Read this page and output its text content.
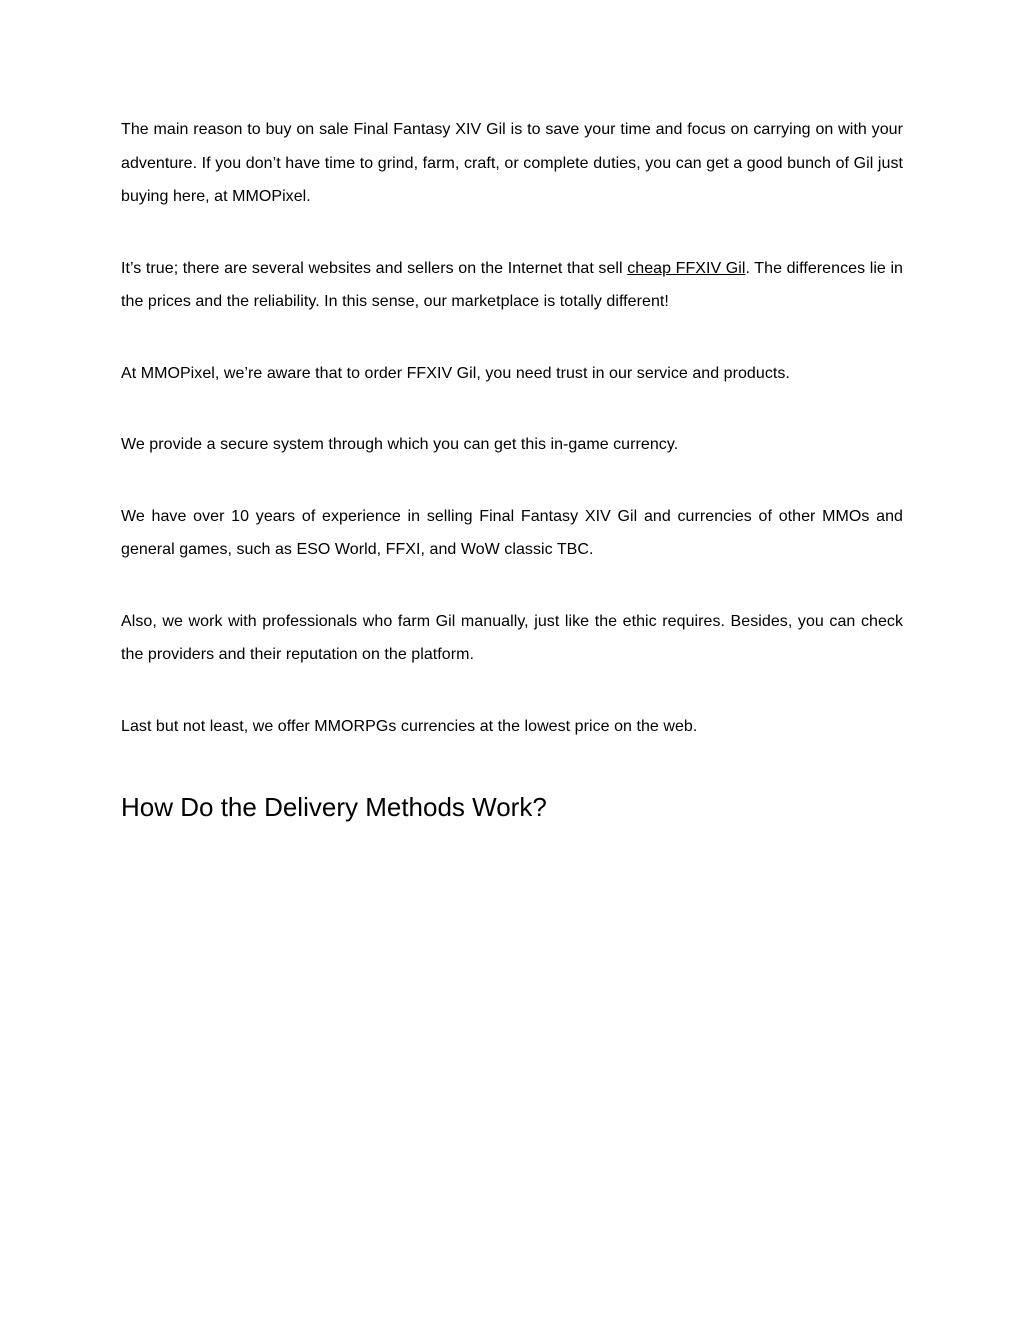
The main reason to buy on sale Final Fantasy XIV Gil is to save your time and focus on carrying on with your adventure. If you don’t have time to grind, farm, craft, or complete duties, you can get a good bunch of Gil just buying here, at MMOPixel.

It’s true; there are several websites and sellers on the Internet that sell cheap FFXIV Gil. The differences lie in the prices and the reliability. In this sense, our marketplace is totally different!

At MMOPixel, we’re aware that to order FFXIV Gil, you need trust in our service and products.

We provide a secure system through which you can get this in-game currency.

We have over 10 years of experience in selling Final Fantasy XIV Gil and currencies of other MMOs and general games, such as ESO World, FFXI, and WoW classic TBC.

Also, we work with professionals who farm Gil manually, just like the ethic requires. Besides, you can check the providers and their reputation on the platform.

Last but not least, we offer MMORPGs currencies at the lowest price on the web.

How Do the Delivery Methods Work?
